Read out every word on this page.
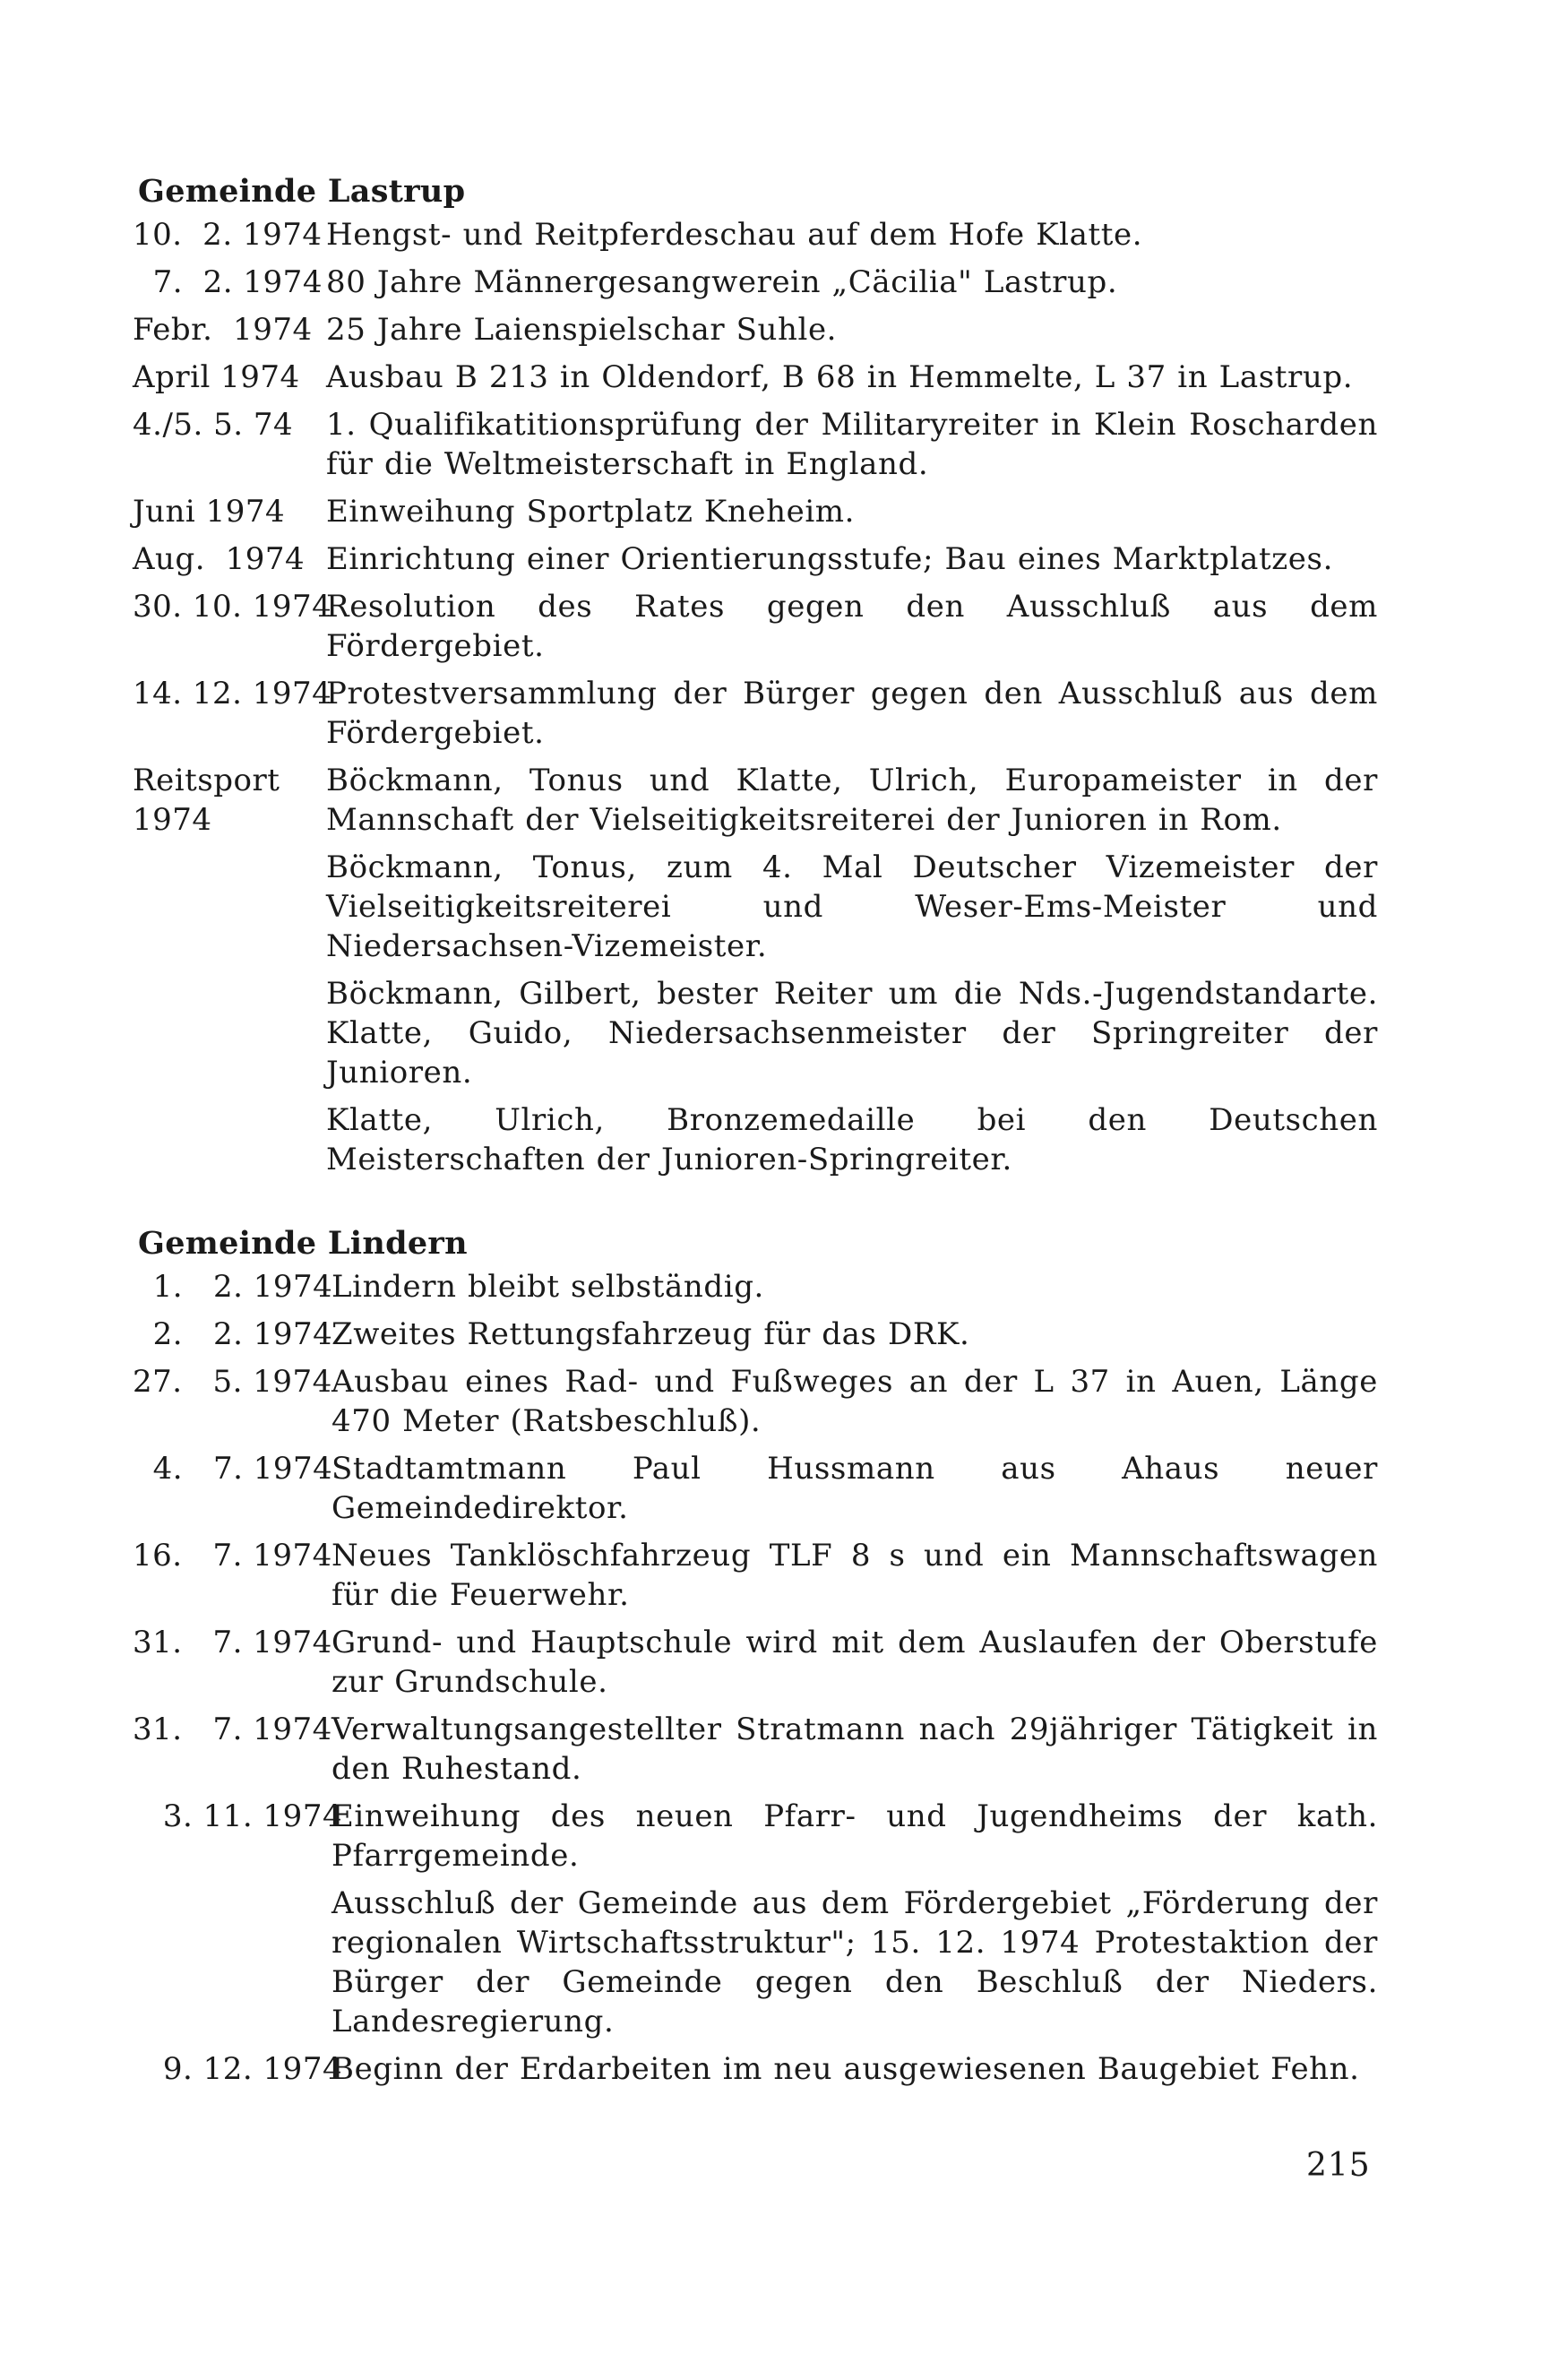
Gemeinde Lastrup
10.  2. 1974 Hengst- und Reitpferdeschau auf dem Hofe Klatte.
7.  2. 1974 80 Jahre Männergesangwerein „Cäcilia" Lastrup.
Febr.  1974 25 Jahre Laienspielschar Suhle.
April 1974 Ausbau B 213 in Oldendorf, B 68 in Hemmelte, L 37 in Lastrup.
4./5. 5. 74	1. Qualifikatitionsprüfung der Militaryreiter in Klein Roscharden für die Weltmeisterschaft in England.
Juni 1974	Einweihung Sportplatz Kneheim.
Aug.  1974 Einrichtung einer Orientierungsstufe; Bau eines Marktplatzes.
30. 10. 1974
Resolution des Rates gegen den Ausschluß aus dem Fördergebiet.
14. 12. 1974
Protestversammlung der Bürger gegen den Ausschluß aus dem Fördergebiet.
Reitsport
1974
Böckmann, Tonus und Klatte, Ulrich, Europameister in der Mannschaft der Vielseitigkeitsreiterei der Junioren in Rom.
Böckmann, Tonus, zum 4. Mal Deutscher Vizemeister der Vielseitigkeitsreiterei und Weser-Ems-Meister und Niedersachsen-Vizemeister.
Böckmann, Gilbert, bester Reiter um die Nds.-Jugendstandarte. Klatte, Guido, Niedersachsenmeister der Springreiter der Junioren.
Klatte, Ulrich, Bronzemedaille bei den Deutschen Meisterschaften der Junioren-Springreiter.
Gemeinde Lindern
1.   2. 1974
Lindern bleibt selbständig.
2.   2. 1974
Zweites Rettungsfahrzeug für das DRK.
27.   5. 1974 Ausbau eines Rad- und Fußweges an der L 37 in Auen, Länge 470 Meter (Ratsbeschluß).
4.   7. 1974
Stadtamtmann Paul Hussmann aus Ahaus neuer Gemeindedirektor.
16.   7. 1974 Neues Tanklöschfahrzeug TLF 8 s und ein Mannschaftswagen für die Feuerwehr.
31.   7. 1974 Grund- und Hauptschule wird mit dem Auslaufen der Oberstufe zur Grundschule.
31.   7. 1974 Verwaltungsangestellter Stratmann nach 29jähriger Tätigkeit in den Ruhestand.
3. 11. 1974
Einweihung des neuen Pfarr- und Jugendheims der kath. Pfarrgemeinde.
Ausschluß der Gemeinde aus dem Fördergebiet „Förderung der regionalen Wirtschaftsstruktur"; 15. 12. 1974 Protestaktion der Bürger der Gemeinde gegen den Beschluß der Nieders. Landesregierung.
9. 12. 1974
Beginn der Erdarbeiten im neu ausgewiesenen Baugebiet Fehn.
215
